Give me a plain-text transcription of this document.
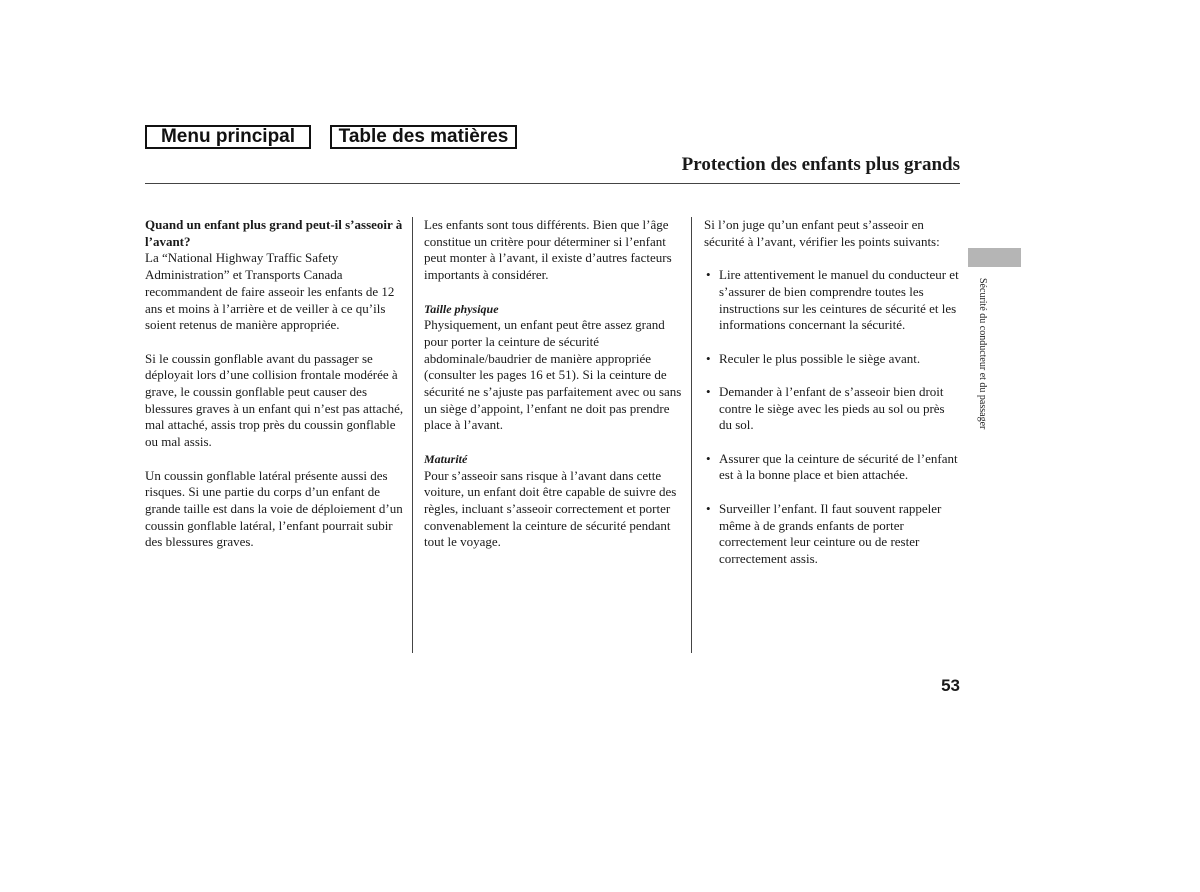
Menu principal	Table des matières
Protection des enfants plus grands
Quand un enfant plus grand peut-il s’asseoir à l’avant?

La “National Highway Traffic Safety Administration” et Transports Canada recommandent de faire asseoir les enfants de 12 ans et moins à l’arrière et de veiller à ce qu’ils soient retenus de manière appropriée.

Si le coussin gonflable avant du passager se déployait lors d’une collision frontale modérée à grave, le coussin gonflable peut causer des blessures graves à un enfant qui n’est pas attaché, mal attaché, assis trop près du coussin gonflable ou mal assis.

Un coussin gonflable latéral présente aussi des risques. Si une partie du corps d’un enfant de grande taille est dans la voie de déploiement d’un coussin gonflable latéral, l’enfant pourrait subir des blessures graves.

Les enfants sont tous différents. Bien que l’âge constitue un critère pour déterminer si l’enfant peut monter à l’avant, il existe d’autres facteurs importants à considérer.

Taille physique

Physiquement, un enfant peut être assez grand pour porter la ceinture de sécurité abdominale/baudrier de manière appropriée (consulter les pages 16 et 51). Si la ceinture de sécurité ne s’ajuste pas parfaitement avec ou sans un siège d’appoint, l’enfant ne doit pas prendre place à l’avant.

Maturité

Pour s’asseoir sans risque à l’avant dans cette voiture, un enfant doit être capable de suivre des règles, incluant s’asseoir correctement et porter convenablement la ceinture de sécurité pendant tout le voyage.

Si l’on juge qu’un enfant peut s’asseoir en sécurité à l’avant, vérifier les points suivants:

• Lire attentivement le manuel du conducteur et s’assurer de bien comprendre toutes les instructions sur les ceintures de sécurité et les informations concernant la sécurité.
• Reculer le plus possible le siège avant.
• Demander à l’enfant de s’asseoir bien droit contre le siège avec les pieds au sol ou près du sol.
• Assurer que la ceinture de sécurité de l’enfant est à la bonne place et bien attachée.
• Surveiller l’enfant. Il faut souvent rappeler même à de grands enfants de porter correctement leur ceinture ou de rester correctement assis.
Sécurité du conducteur et du passager
53
